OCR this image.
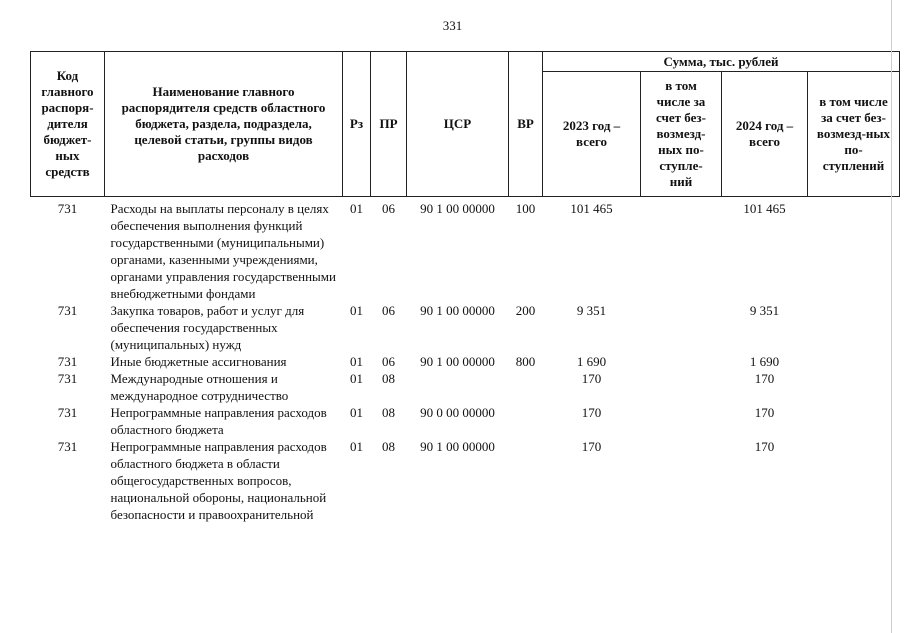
331
Код главного распоря-дителя бюджет-ных средств	Наименование главного распорядителя средств областного бюджета, раздела, подраздела, целевой статьи, группы видов расходов	Рз	ПР	ЦСР	ВР	Сумма, тыс. рублей			
						2023 год – всего	в том числе за счет без-возмезд-ных по-ступле-ний	2024 год – всего	в том числе за счет без-возмезд-ных по-ступлений
731	Расходы на выплаты персоналу в целях обеспечения выполнения функций государственными (муниципальными) органами, казенными учреждениями, органами управления государственными внебюджетными фондами	01	06	90 1 00 00000	100	101 465		101 465	
731	Закупка товаров, работ и услуг для обеспечения государственных (муниципальных) нужд	01	06	90 1 00 00000	200	9 351		9 351	
731	Иные бюджетные ассигнования	01	06	90 1 00 00000	800	1 690		1 690	
731	Международные отношения и международное сотрудничество	01	08			170		170	
731	Непрограммные направления расходов областного бюджета	01	08	90 0 00 00000		170		170	
731	Непрограммные направления расходов областного бюджета в области общегосударственных вопросов, национальной обороны, национальной безопасности и правоохранительной	01	08	90 1 00 00000		170		170	
